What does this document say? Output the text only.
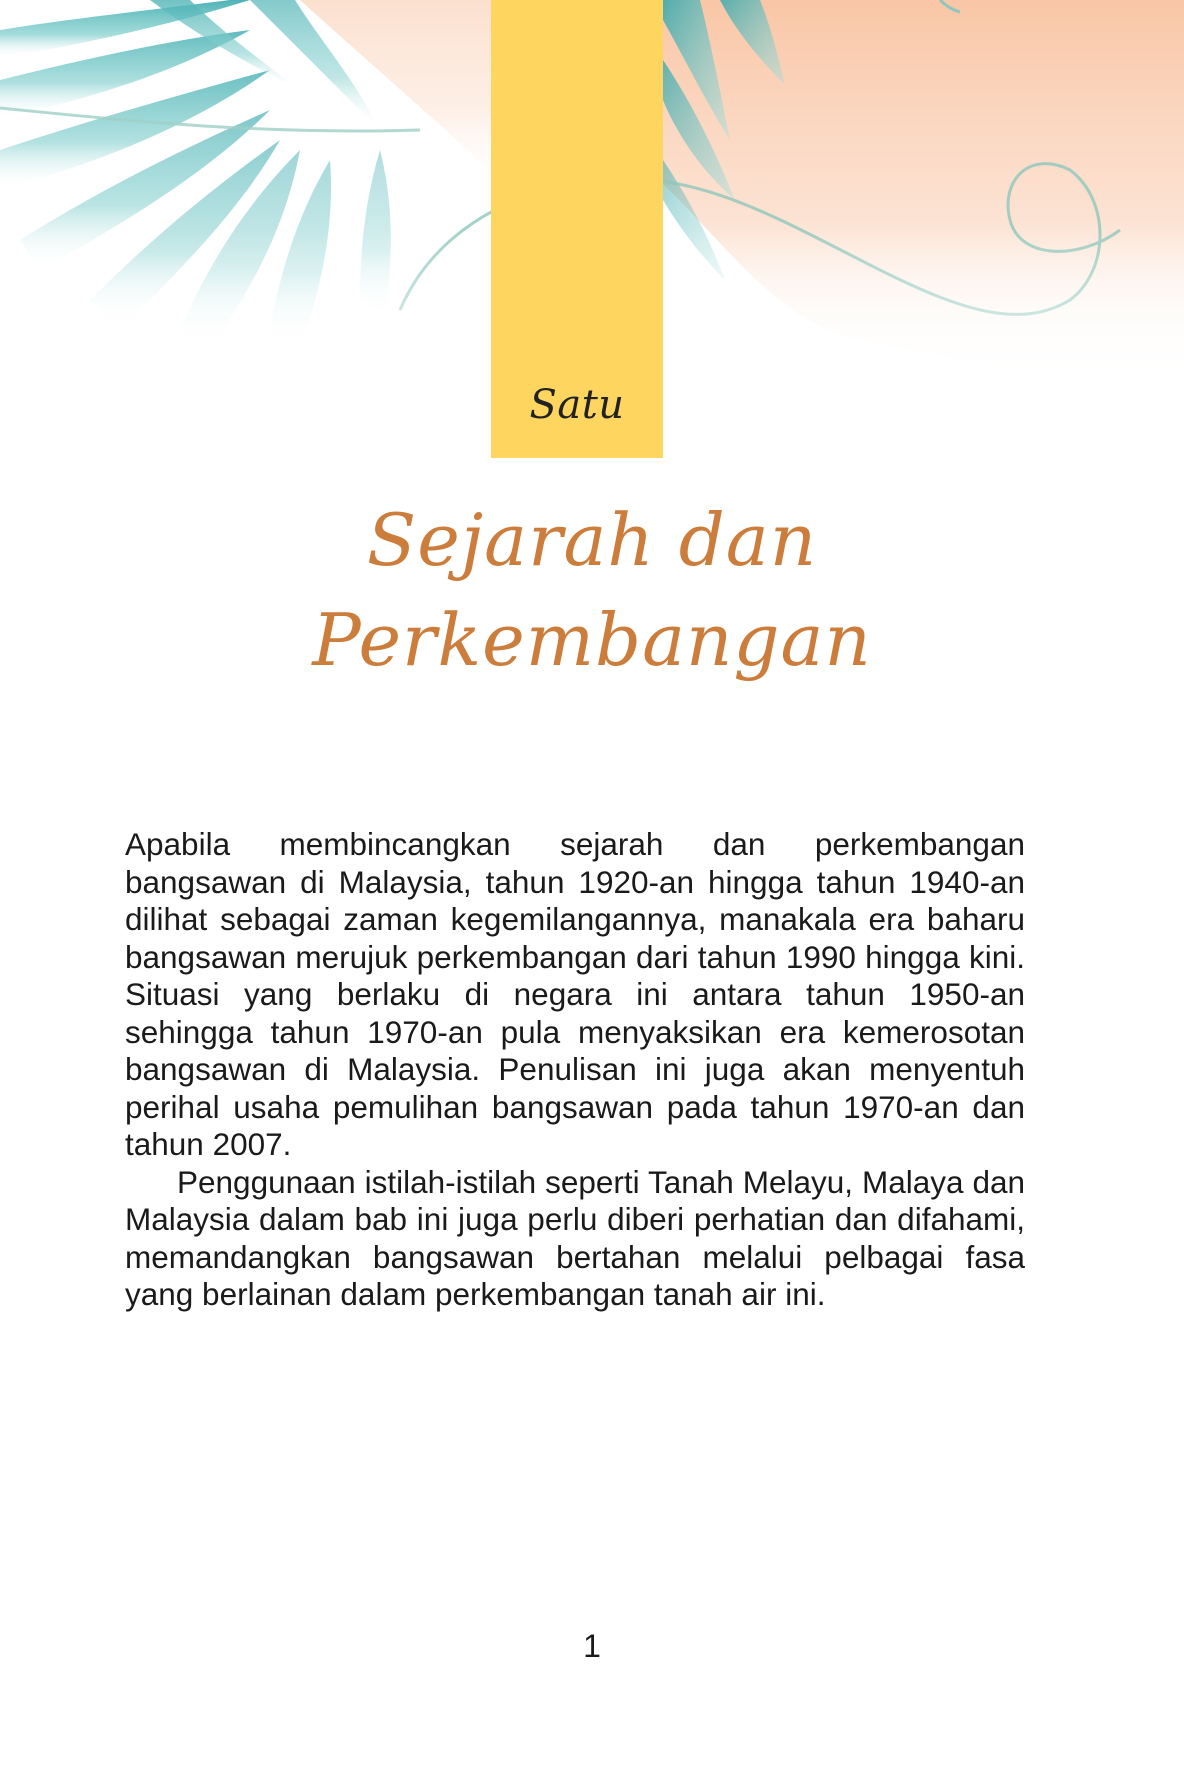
Satu
Sejarah dan
Perkembangan

Apabila membincangkan sejarah dan perkembangan bangsawan di Malaysia, tahun 1920-an hingga tahun 1940-an dilihat sebagai zaman kegemilangannya, manakala era baharu bangsawan merujuk perkembangan dari tahun 1990 hingga kini. Situasi yang berlaku di negara ini antara tahun 1950-an sehingga tahun 1970-an pula menyaksikan era kemerosotan bangsawan di Malaysia. Penulisan ini juga akan menyentuh perihal usaha pemulihan bangsawan pada tahun 1970-an dan tahun 2007.

Penggunaan istilah-istilah seperti Tanah Melayu, Malaya dan Malaysia dalam bab ini juga perlu diberi perhatian dan difahami, memandangkan bangsawan bertahan melalui pelbagai fasa yang berlainan dalam perkembangan tanah air ini.

1
